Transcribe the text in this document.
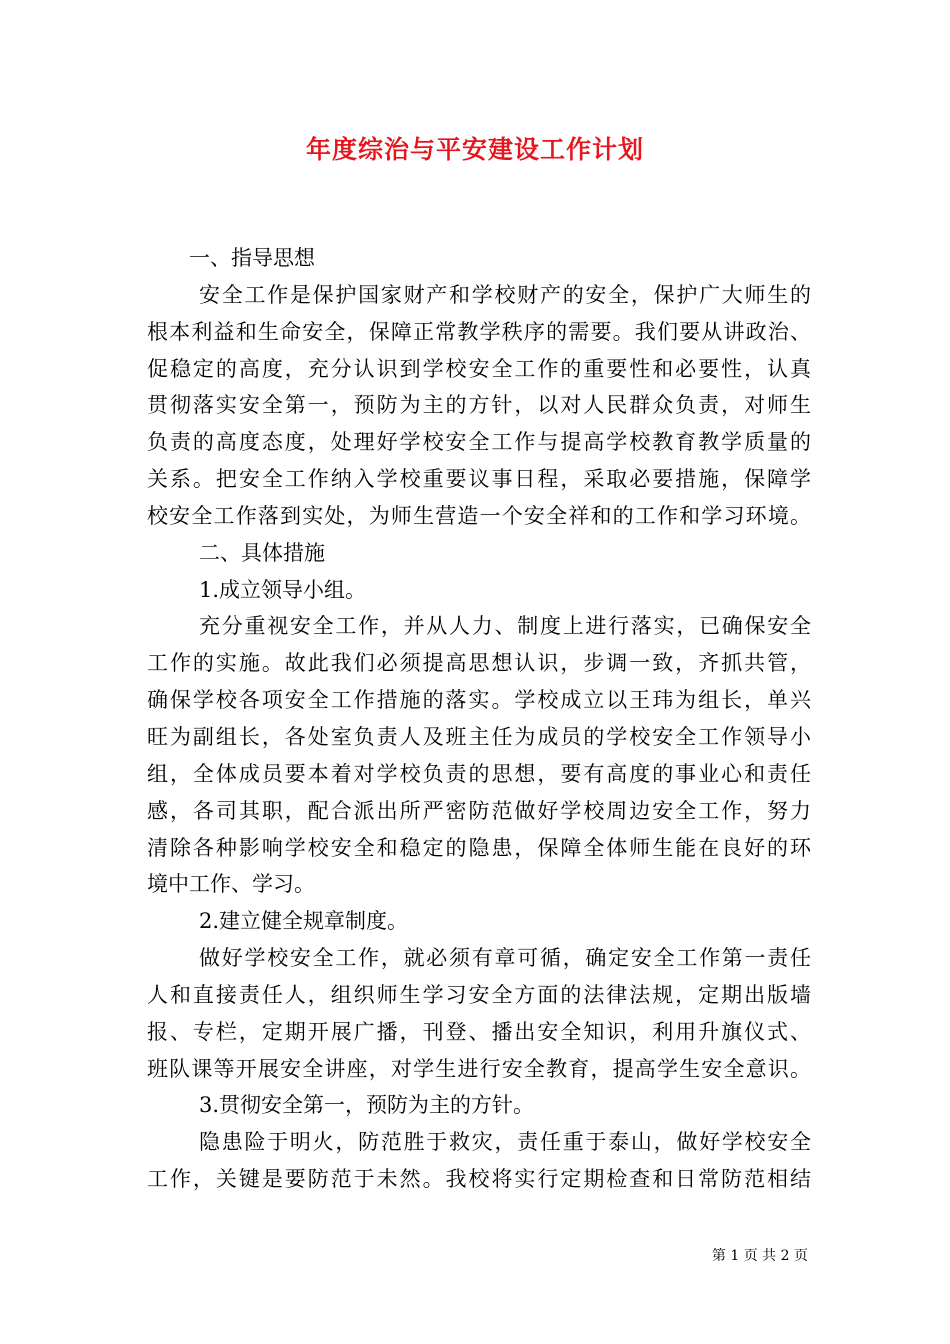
年度综治与平安建设工作计划
一、指导思想
安全工作是保护国家财产和学校财产的安全，保护广大师生的
根本利益和生命安全，保障正常教学秩序的需要。我们要从讲政治、
促稳定的高度，充分认识到学校安全工作的重要性和必要性，认真
贯彻落实安全第一，预防为主的方针，以对人民群众负责，对师生
负责的高度态度，处理好学校安全工作与提高学校教育教学质量的
关系。把安全工作纳入学校重要议事日程，采取必要措施，保障学
校安全工作落到实处，为师生营造一个安全祥和的工作和学习环境。
二、具体措施
1.成立领导小组。
充分重视安全工作，并从人力、制度上进行落实，已确保安全
工作的实施。故此我们必须提高思想认识，步调一致，齐抓共管，
确保学校各项安全工作措施的落实。学校成立以王玮为组长，单兴
旺为副组长，各处室负责人及班主任为成员的学校安全工作领导小
组，全体成员要本着对学校负责的思想，要有高度的事业心和责任
感，各司其职，配合派出所严密防范做好学校周边安全工作，努力
清除各种影响学校安全和稳定的隐患，保障全体师生能在良好的环
境中工作、学习。
2.建立健全规章制度。
做好学校安全工作，就必须有章可循，确定安全工作第一责任
人和直接责任人，组织师生学习安全方面的法律法规，定期出版墙
报、专栏，定期开展广播，刊登、播出安全知识，利用升旗仪式、
班队课等开展安全讲座，对学生进行安全教育，提高学生安全意识。
3.贯彻安全第一，预防为主的方针。
隐患险于明火，防范胜于救灾，责任重于泰山，做好学校安全
工作，关键是要防范于未然。我校将实行定期检查和日常防范相结
第 1 页 共 2 页
